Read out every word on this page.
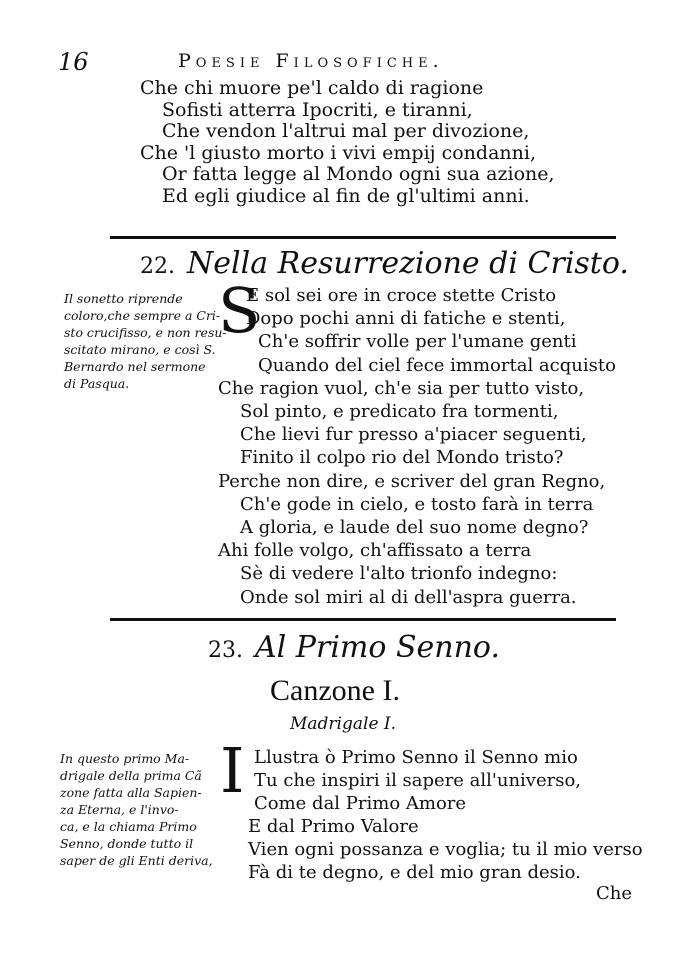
16	Poesie Filosofiche.
Che chi muore pe'l caldo di ragione
Sofisti atterra Ipocriti, e tiranni,
Che vendon l'altrui mal per divozione,
Che 'l giusto morto i vivi empij condanni,
Or fatta legge al Mondo ogni sua azione,
Ed egli giudice al fin de gl'ultimi anni.
22. Nella Resurrezione di Cristo.
Il sonetto riprende
coloro,che sempre a Cri-
sto crucifisso, e non resu-
scitato mirano, e così S.
Bernardo nel sermone
di Pasqua.
S
E sol sei ore in croce stette Cristo
Dopo pochi anni di fatiche e stenti,
Ch'e soffrir volle per l'umane genti
Quando del ciel fece immortal acquisto
Che ragion vuol, ch'e sia per tutto visto,
Sol pinto, e predicato fra tormenti,
Che lievi fur presso a'piacer seguenti,
Finito il colpo rio del Mondo tristo?
Perche non dire, e scriver del gran Regno,
Ch'e gode in cielo, e tosto farà in terra
A gloria, e laude del suo nome degno?
Ahi folle volgo, ch'affissato a terra
Sè di vedere l'alto trionfo indegno:
Onde sol miri al di dell'aspra guerra.
23. Al Primo Senno.
Canzone I.
Madrigale I.
In questo primo Ma-
drigale della prima Cã
zone fatta alla Sapien-
za Eterna, e l'invo-
ca, e la chiama Primo
Senno, donde tutto il
saper de gli Enti deriva,
I Llustra ò Primo Senno il Senno mio
Tu che inspiri il sapere all'universo,
Come dal Primo Amore
E dal Primo Valore
Vien ogni possanza e voglia; tu il mio verso
Fà di te degno, e del mio gran desio.
Che
